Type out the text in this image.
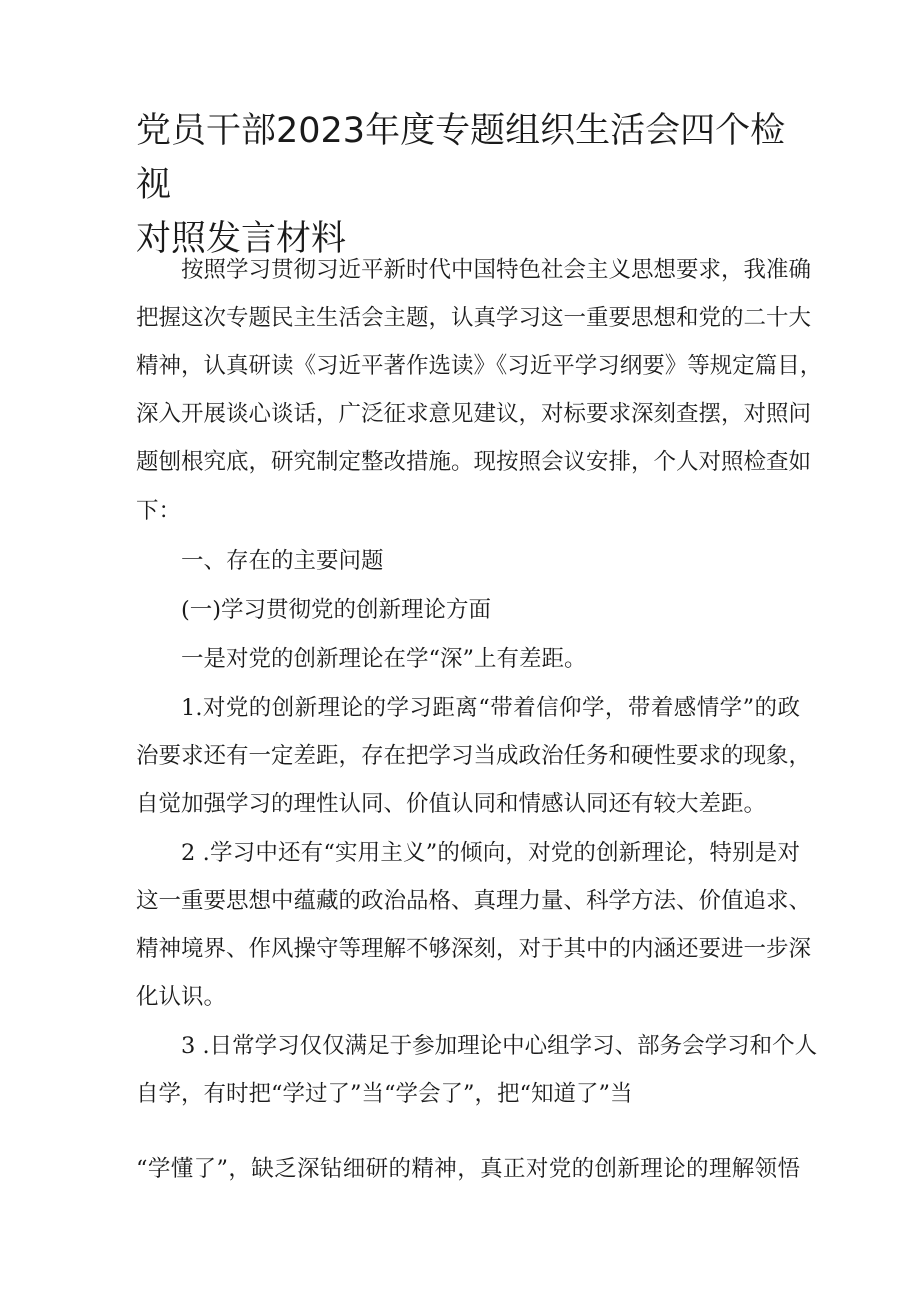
党员干部2023年度专题组织生活会四个检视
对照发言材料

按照学习贯彻习近平新时代中国特色社会主义思想要求，我准确

把握这次专题民主生活会主题，认真学习这一重要思想和党的二十大

精神，认真研读《习近平著作选读》《习近平学习纲要》等规定篇目，

深入开展谈心谈话，广泛征求意见建议，对标要求深刻查摆，对照问

题刨根究底，研究制定整改措施。现按照会议安排，个人对照检查如

下：

一、存在的主要问题

(一)学习贯彻党的创新理论方面

一是对党的创新理论在学“深”上有差距。

1.对党的创新理论的学习距离“带着信仰学，带着感情学”的政

治要求还有一定差距，存在把学习当成政治任务和硬性要求的现象，

自觉加强学习的理性认同、价值认同和情感认同还有较大差距。

2 .学习中还有“实用主义”的倾向，对党的创新理论，特别是对

这一重要思想中蕴藏的政治品格、真理力量、科学方法、价值追求、

精神境界、作风操守等理解不够深刻，对于其中的内涵还要进一步深

化认识。

3 .日常学习仅仅满足于参加理论中心组学习、部务会学习和个人

自学，有时把“学过了”当“学会了”，把“知道了”当

“学懂了”，缺乏深钻细研的精神，真正对党的创新理论的理解领悟
